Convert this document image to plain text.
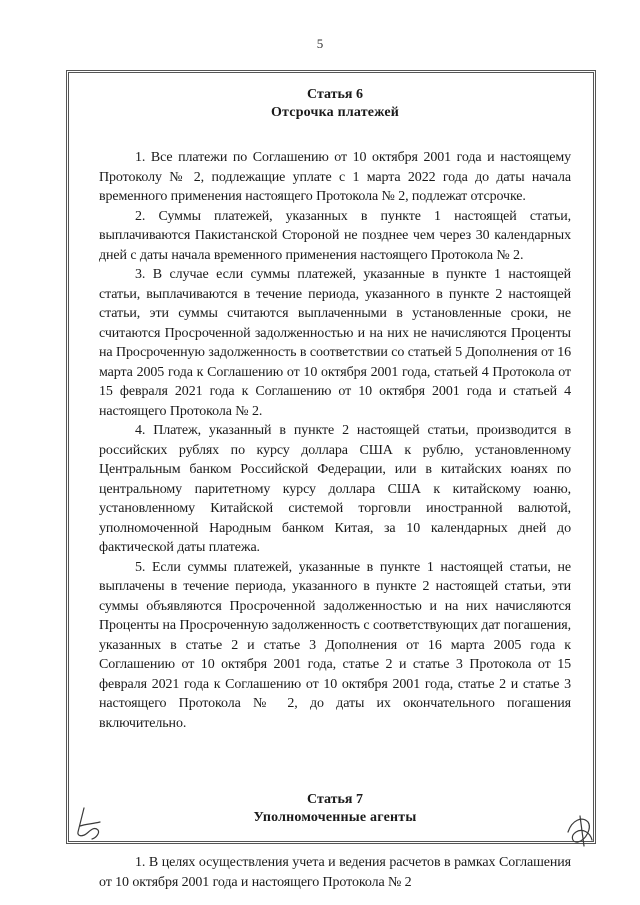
5
Статья 6
Отсрочка платежей

1. Все платежи по Соглашению от 10 октября 2001 года и настоящему Протоколу № 2, подлежащие уплате с 1 марта 2022 года до даты начала временного применения настоящего Протокола № 2, подлежат отсрочке.

2. Суммы платежей, указанных в пункте 1 настоящей статьи, выплачиваются Пакистанской Стороной не позднее чем через 30 календарных дней с даты начала временного применения настоящего Протокола № 2.

3. В случае если суммы платежей, указанные в пункте 1 настоящей статьи, выплачиваются в течение периода, указанного в пункте 2 настоящей статьи, эти суммы считаются выплаченными в установленные сроки, не считаются Просроченной задолженностью и на них не начисляются Проценты на Просроченную задолженность в соответствии со статьей 5 Дополнения от 16 марта 2005 года к Соглашению от 10 октября 2001 года, статьей 4 Протокола от 15 февраля 2021 года к Соглашению от 10 октября 2001 года и статьей 4 настоящего Протокола № 2.

4. Платеж, указанный в пункте 2 настоящей статьи, производится в российских рублях по курсу доллара США к рублю, установленному Центральным банком Российской Федерации, или в китайских юанях по центральному паритетному курсу доллара США к китайскому юаню, установленному Китайской системой торговли иностранной валютой, уполномоченной Народным банком Китая, за 10 календарных дней до фактической даты платежа.

5. Если суммы платежей, указанные в пункте 1 настоящей статьи, не выплачены в течение периода, указанного в пункте 2 настоящей статьи, эти суммы объявляются Просроченной задолженностью и на них начисляются Проценты на Просроченную задолженность с соответствующих дат погашения, указанных в статье 2 и статье 3 Дополнения от 16 марта 2005 года к Соглашению от 10 октября 2001 года, статье 2 и статье 3 Протокола от 15 февраля 2021 года к Соглашению от 10 октября 2001 года, статье 2 и статье 3 настоящего Протокола № 2, до даты их окончательного погашения включительно.

Статья 7
Уполномоченные агенты

1. В целях осуществления учета и ведения расчетов в рамках Соглашения от 10 октября 2001 года и настоящего Протокола № 2
